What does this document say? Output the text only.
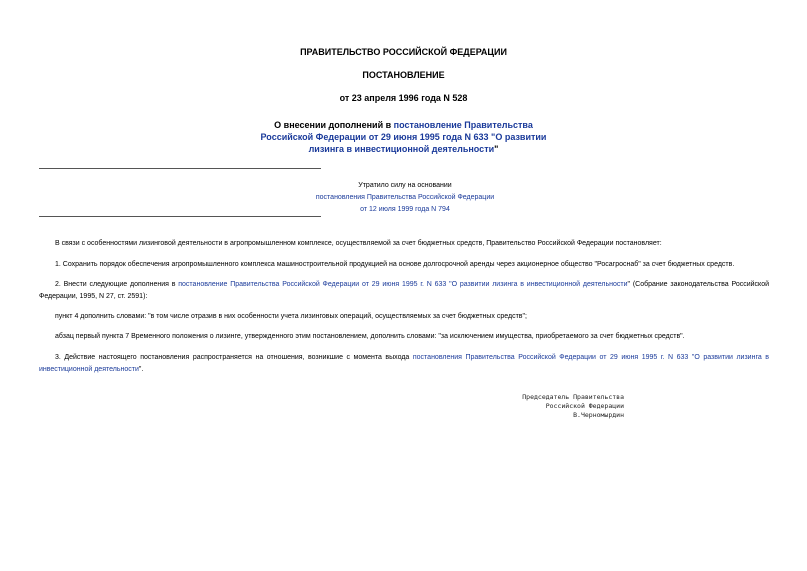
ПРАВИТЕЛЬСТВО РОССИЙСКОЙ ФЕДЕРАЦИИ
ПОСТАНОВЛЕНИЕ
от 23 апреля 1996 года N 528
О внесении дополнений в постановление Правительства
Российской Федерации от 29 июня 1995 года N 633 "О развитии
лизинга в инвестиционной деятельности"
Утратило силу на основании
постановления Правительства Российской Федерации
от 12 июля 1999 года N 794
В связи с особенностями лизинговой деятельности в агропромышленном комплексе, осуществляемой за счет бюджетных средств, Правительство Российской Федерации постановляет:
1. Сохранить порядок обеспечения агропромышленного комплекса машиностроительной продукцией на основе долгосрочной аренды через акционерное общество "Росагроснаб" за счет бюджетных средств.
2. Внести следующие дополнения в постановление Правительства Российской Федерации от 29 июня 1995 г. N 633 "О развитии лизинга в инвестиционной деятельности" (Собрание законодательства Российской Федерации, 1995, N 27, ст. 2591):
пункт 4 дополнить словами: "в том числе отразив в них особенности учета лизинговых операций, осуществляемых за счет бюджетных средств";
абзац первый пункта 7 Временного положения о лизинге, утвержденного этим постановлением, дополнить словами: "за исключением имущества, приобретаемого за счет бюджетных средств".
3. Действие настоящего постановления распространяется на отношения, возникшие с момента выхода постановления Правительства Российской Федерации от 29 июня 1995 г. N 633 "О развитии лизинга в инвестиционной деятельности".
Председатель Правительства
Российской Федерации
В.Черномырдин
